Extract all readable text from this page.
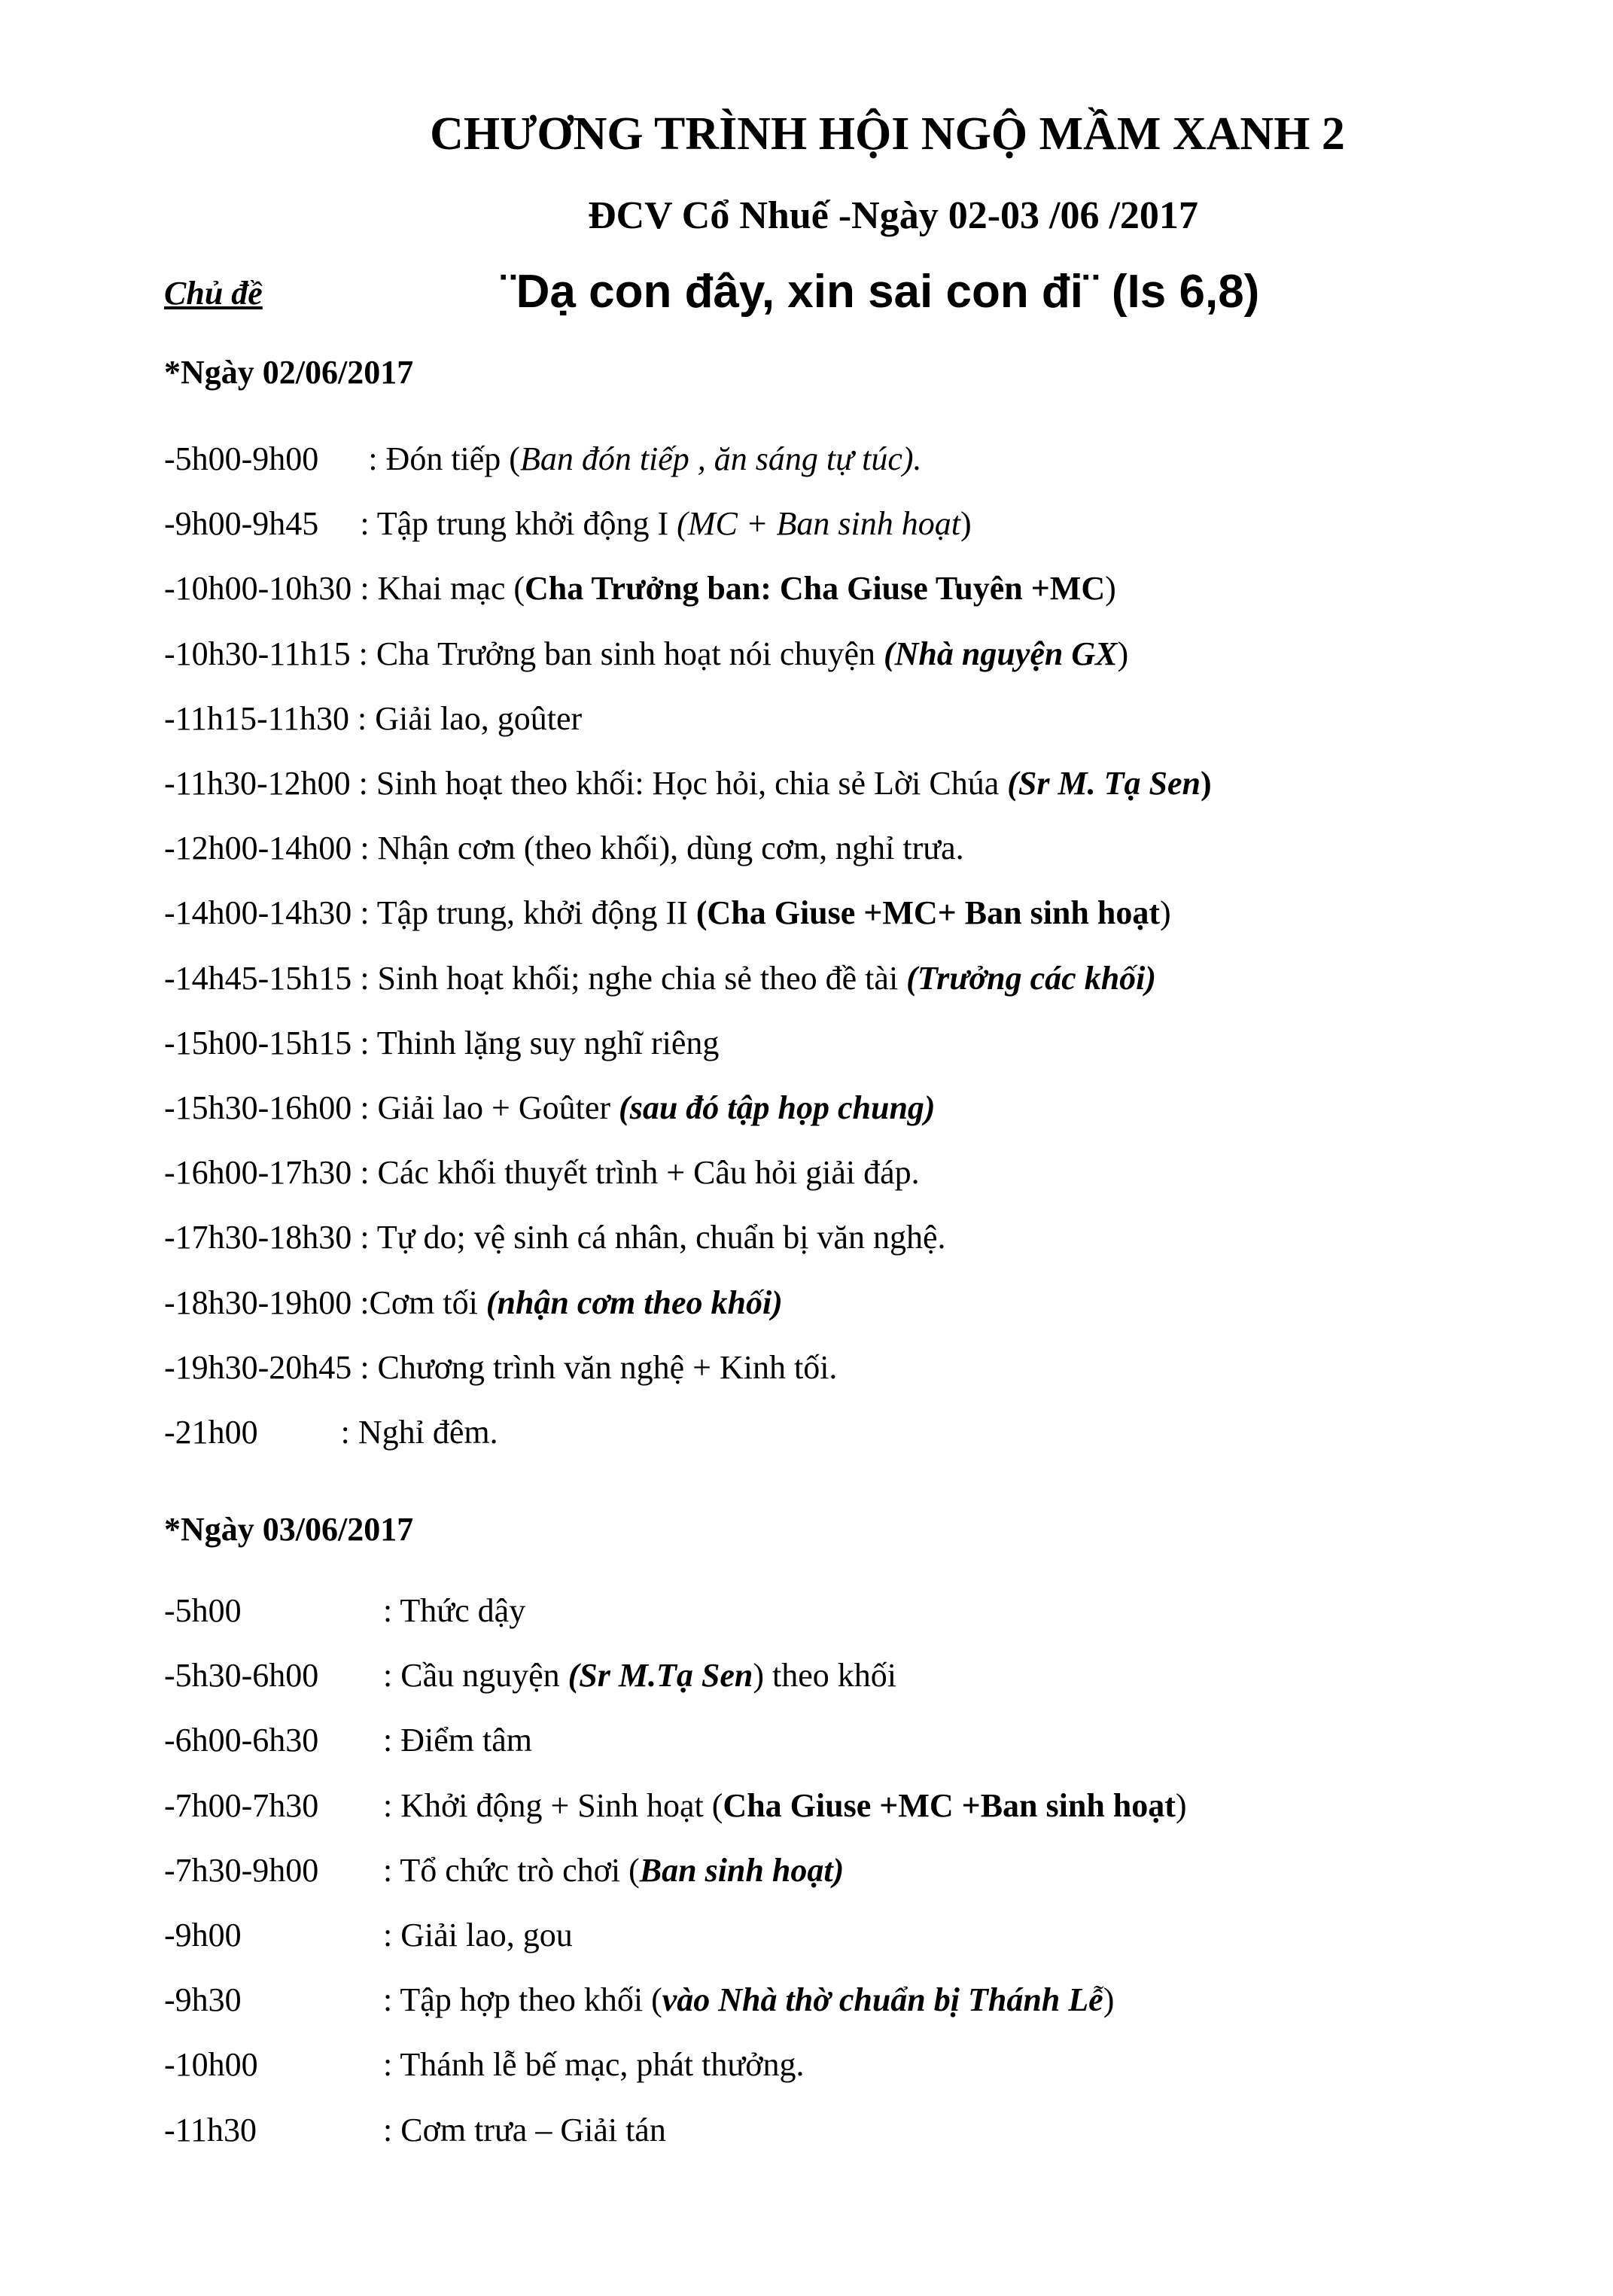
CHƯƠNG TRÌNH HỘI NGỘ MẦM XANH 2
ĐCV Cổ Nhuế -Ngày 02-03 /06 /2017
Chủ đề	¨Dạ con đây, xin sai con đi¨ (Is 6,8)
*Ngày 02/06/2017
-5h00-9h00      : Đón tiếp (Ban đón tiếp , ăn sáng tự túc).
-9h00-9h45     : Tập trung khởi động I (MC + Ban sinh hoạt)
-10h00-10h30 : Khai mạc (Cha Trưởng ban: Cha Giuse Tuyên +MC)
-10h30-11h15 : Cha Trưởng ban sinh hoạt nói chuyện (Nhà nguyện GX)
-11h15-11h30 : Giải lao, goûter
-11h30-12h00 : Sinh hoạt theo khối: Học hỏi, chia sẻ Lời Chúa (Sr M. Tạ Sen)
-12h00-14h00 : Nhận cơm (theo khối), dùng cơm, nghỉ trưa.
-14h00-14h30 : Tập trung, khởi động II (Cha Giuse +MC+ Ban sinh hoạt)
-14h45-15h15 : Sinh hoạt khối; nghe chia sẻ theo đề tài (Trưởng các khối)
-15h00-15h15 : Thinh lặng suy nghĩ riêng
-15h30-16h00 : Giải lao + Goûter (sau đó tập họp chung)
-16h00-17h30 : Các khối thuyết trình + Câu hỏi giải đáp.
-17h30-18h30 : Tự do; vệ sinh cá nhân, chuẩn bị văn nghệ.
-18h30-19h00 :Cơm tối (nhận cơm theo khối)
-19h30-20h45 : Chương trình văn nghệ + Kinh tối.
-21h00          : Nghỉ đêm.
*Ngày 03/06/2017
-5h00	: Thức dậy
-5h30-6h00 : Cầu nguyện (Sr M.Tạ Sen) theo khối
-6h00-6h30 : Điểm tâm
-7h00-7h30 : Khởi động + Sinh hoạt (Cha Giuse +MC +Ban sinh hoạt)
-7h30-9h00 : Tổ chức trò chơi (Ban sinh hoạt)
-9h00	: Giải lao, gou
-9h30	: Tập hợp theo khối (vào Nhà thờ chuẩn bị Thánh Lễ)
-10h00	: Thánh lễ bế mạc, phát thưởng.
-11h30	: Cơm trưa – Giải tán
